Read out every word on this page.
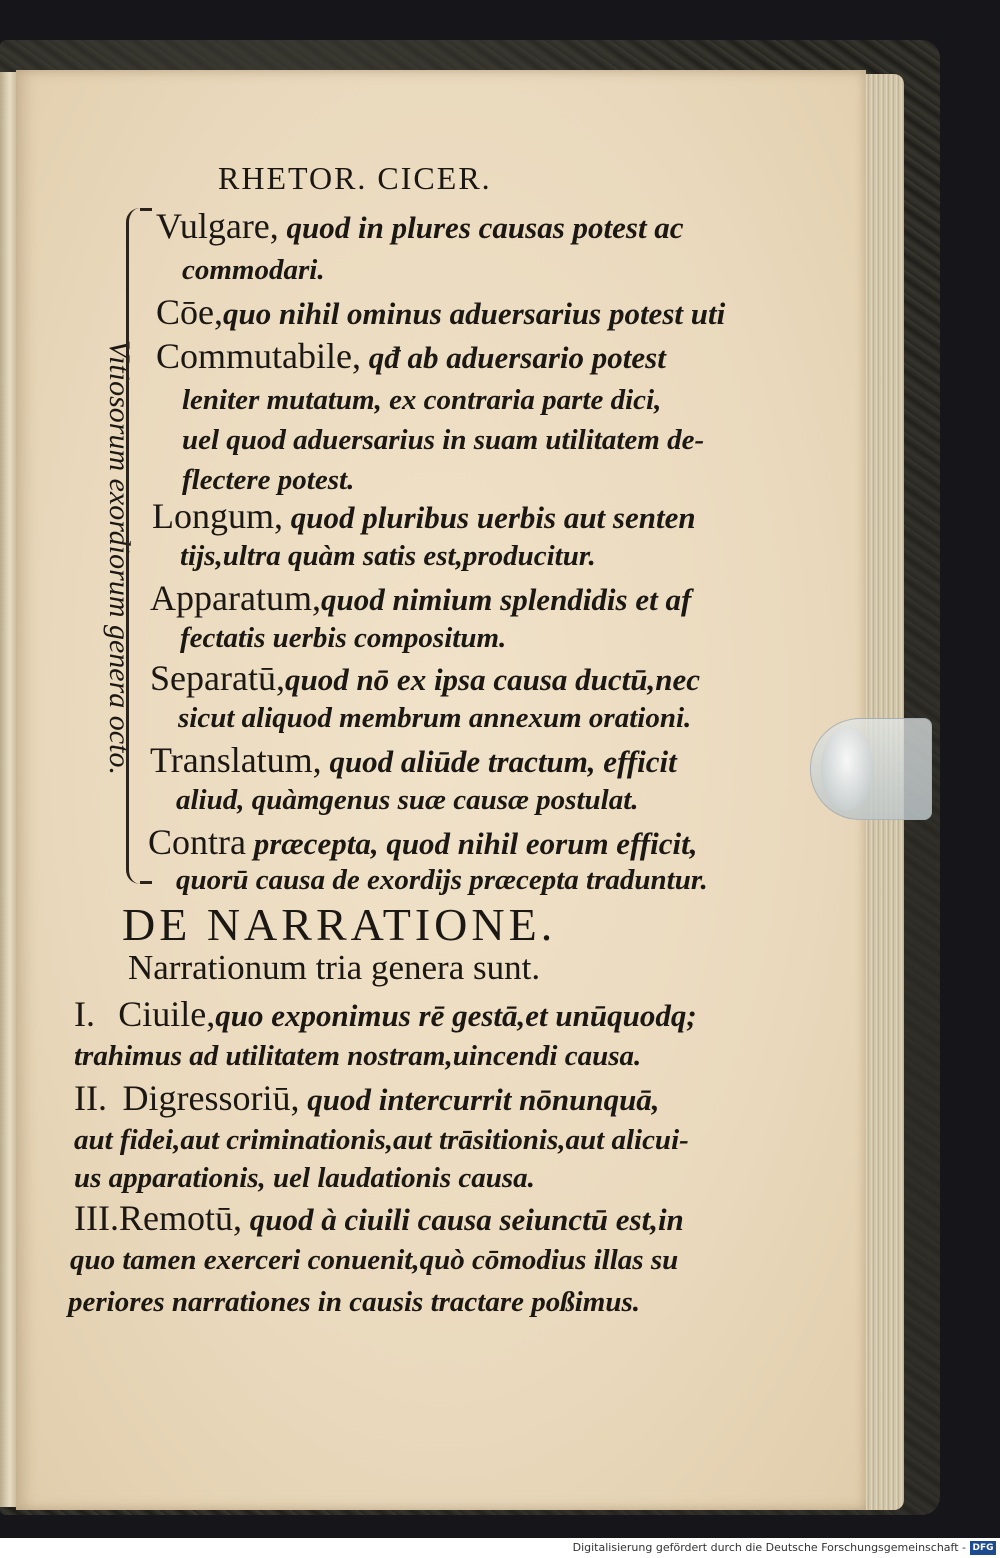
RHETOR. CICER.
Vitiosorum exordiorum genera octo.
Vulgare, quod in plures causas potest ac
commodari.
Cōe,quo nihil ominus aduersarius potest uti
Commutabile, qđ ab aduersario potest
leniter mutatum, ex contraria parte dici,
uel quod aduersarius in suam utilitatem de-
flectere potest.
Longum, quod pluribus uerbis aut senten
tijs,ultra quàm satis est,producitur.
Apparatum,quod nimium splendidis et af
fectatis uerbis compositum.
Separatū,quod nō ex ipsa causa ductū,nec
sicut aliquod membrum annexum orationi.
Translatum, quod aliūde tractum, efficit
aliud, quàmgenus suæ causæ postulat.
Contra præcepta, quod nihil eorum efficit,
quorū causa de exordijs præcepta traduntur.
DE NARRATIONE.
Narrationum tria genera sunt.
I. Ciuile,quo exponimus rē gestā,et unūquodq;
trahimus ad utilitatem nostram,uincendi causa.
II. Digressoriū, quod intercurrit nōnunquā,
aut fidei,aut criminationis,aut trāsitionis,aut alicui-
us apparationis, uel laudationis causa.
III.Remotū, quod à ciuili causa seiunctū est,in
quo tamen exerceri conuenit,quò cōmodius illas su
periores narrationes in causis tractare poßimus.
Digitalisierung gefördert durch die Deutsche Forschungsgemeinschaft - DFG
